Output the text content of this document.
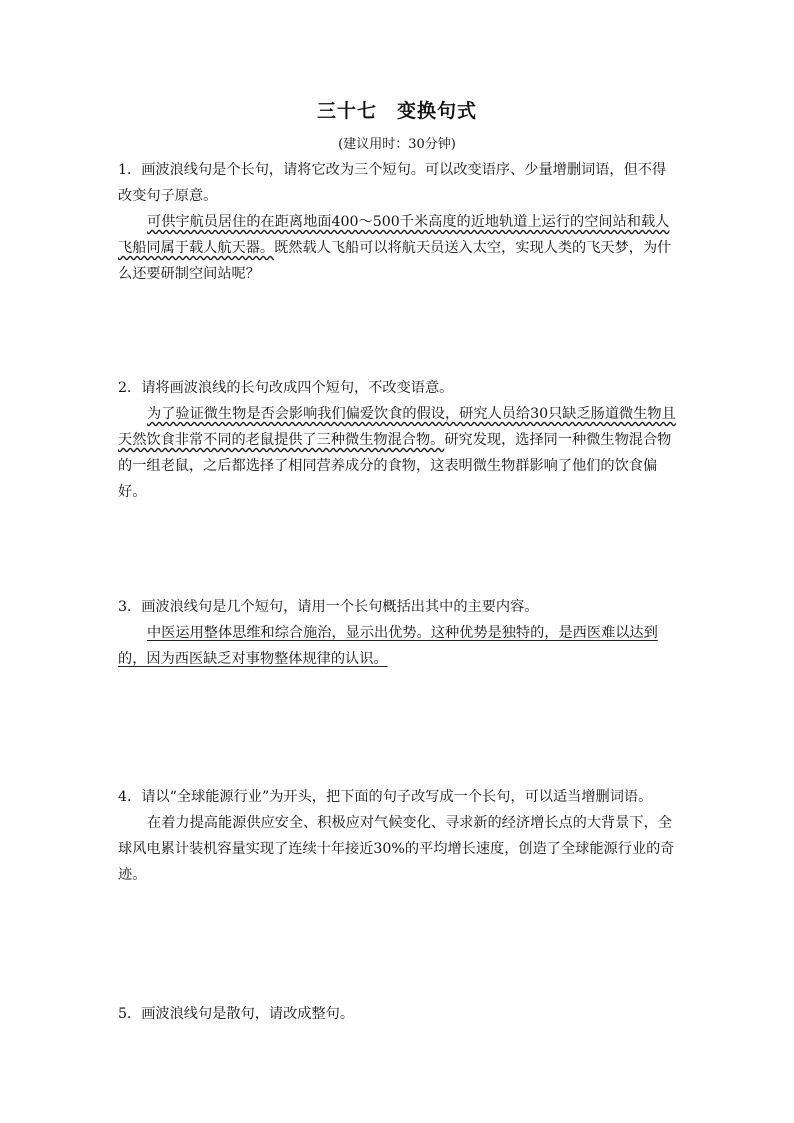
三十七　变换句式
(建议用时：30分钟)

1．画波浪线句是个长句，请将它改为三个短句。可以改变语序、少量增删词语，但不得改变句子原意。

可供宇航员居住的在距离地面400～500千米高度的近地轨道上运行的空间站和载人飞船同属于载人航天器。既然载人飞船可以将航天员送入太空，实现人类的飞天梦，为什么还要研制空间站呢？

2．请将画波浪线的长句改成四个短句，不改变语意。

为了验证微生物是否会影响我们偏爱饮食的假设，研究人员给30只缺乏肠道微生物且天然饮食非常不同的老鼠提供了三种微生物混合物。研究发现，选择同一种微生物混合物的一组老鼠，之后都选择了相同营养成分的食物，这表明微生物群影响了他们的饮食偏好。

3．画波浪线句是几个短句，请用一个长句概括出其中的主要内容。

中医运用整体思维和综合施治，显示出优势。这种优势是独特的，是西医难以达到的，因为西医缺乏对事物整体规律的认识。

4．请以“全球能源行业”为开头，把下面的句子改写成一个长句，可以适当增删词语。

在着力提高能源供应安全、积极应对气候变化、寻求新的经济增长点的大背景下，全球风电累计装机容量实现了连续十年接近30%的平均增长速度，创造了全球能源行业的奇迹。

5．画波浪线句是散句，请改成整句。
